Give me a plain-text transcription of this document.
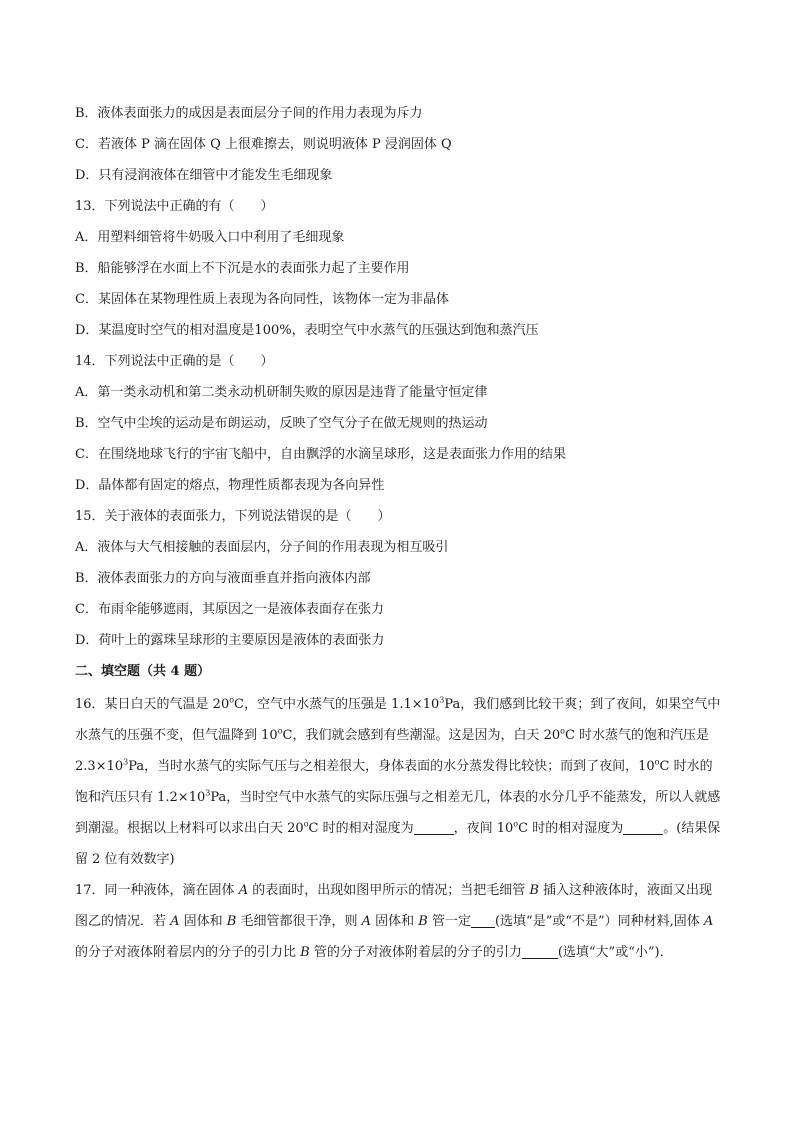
B．液体表面张力的成因是表面层分子间的作用力表现为斥力
C．若液体 P 滴在固体 Q 上很难擦去，则说明液体 P 浸润固体 Q
D．只有浸润液体在细管中才能发生毛细现象
13．下列说法中正确的有（　　）
A．用塑料细管将牛奶吸入口中利用了毛细现象
B．船能够浮在水面上不下沉是水的表面张力起了主要作用
C．某固体在某物理性质上表现为各向同性，该物体一定为非晶体
D．某温度时空气的相对温度是100%，表明空气中水蒸气的压强达到饱和蒸汽压
14．下列说法中正确的是（　　）
A．第一类永动机和第二类永动机研制失败的原因是违背了能量守恒定律
B．空气中尘埃的运动是布朗运动，反映了空气分子在做无规则的热运动
C．在围绕地球飞行的宇宙飞船中，自由飘浮的水滴呈球形，这是表面张力作用的结果
D．晶体都有固定的熔点，物理性质都表现为各向异性
15．关于液体的表面张力，下列说法错误的是（　　）
A．液体与大气相接触的表面层内，分子间的作用表现为相互吸引
B．液体表面张力的方向与液面垂直并指向液体内部
C．布雨伞能够遮雨，其原因之一是液体表面存在张力
D．荷叶上的露珠呈球形的主要原因是液体的表面张力
二、填空题（共 4 题）
16．某日白天的气温是 20$^o$C，空气中水蒸气的压强是 $1.1\times 10^3Pa$，我们感到比较干爽；到了夜间，如果空气中水蒸气的压强不变，但气温降到 10$^o$C，我们就会感到有些潮湿。这是因为，白天 20$^o$C 时水蒸气的饱和汽压是 $2.3\times 10^3Pa$，当时水蒸气的实际气压与之相差很大，身体表面的水分蒸发得比较快；而到了夜间，10$^o$C 时水的饱和汽压只有 $1.2\times 10^3Pa$，当时空气中水蒸气的实际压强与之相差无几，体表的水分几乎不能蒸发，所以人就感到潮湿。根据以上材料可以求出白天 20$^o$C 时的相对湿度为	，夜间 10$^o$C 时的相对湿度为	。(结果保留 2 位有效数字)
17．同一种液体，滴在固体 A 的表面时，出现如图甲所示的情况；当把毛细管 B 插入这种液体时，液面又出现图乙的情况．若 A 固体和 B 毛细管都很干净，则 A 固体和 B 管一定 (选填“是”或“不是”）同种材料,固体 A 的分子对液体附着层内的分子的引力比 B 管的分子对液体附着层的分子的引力	(选填“大”或“小”)．
